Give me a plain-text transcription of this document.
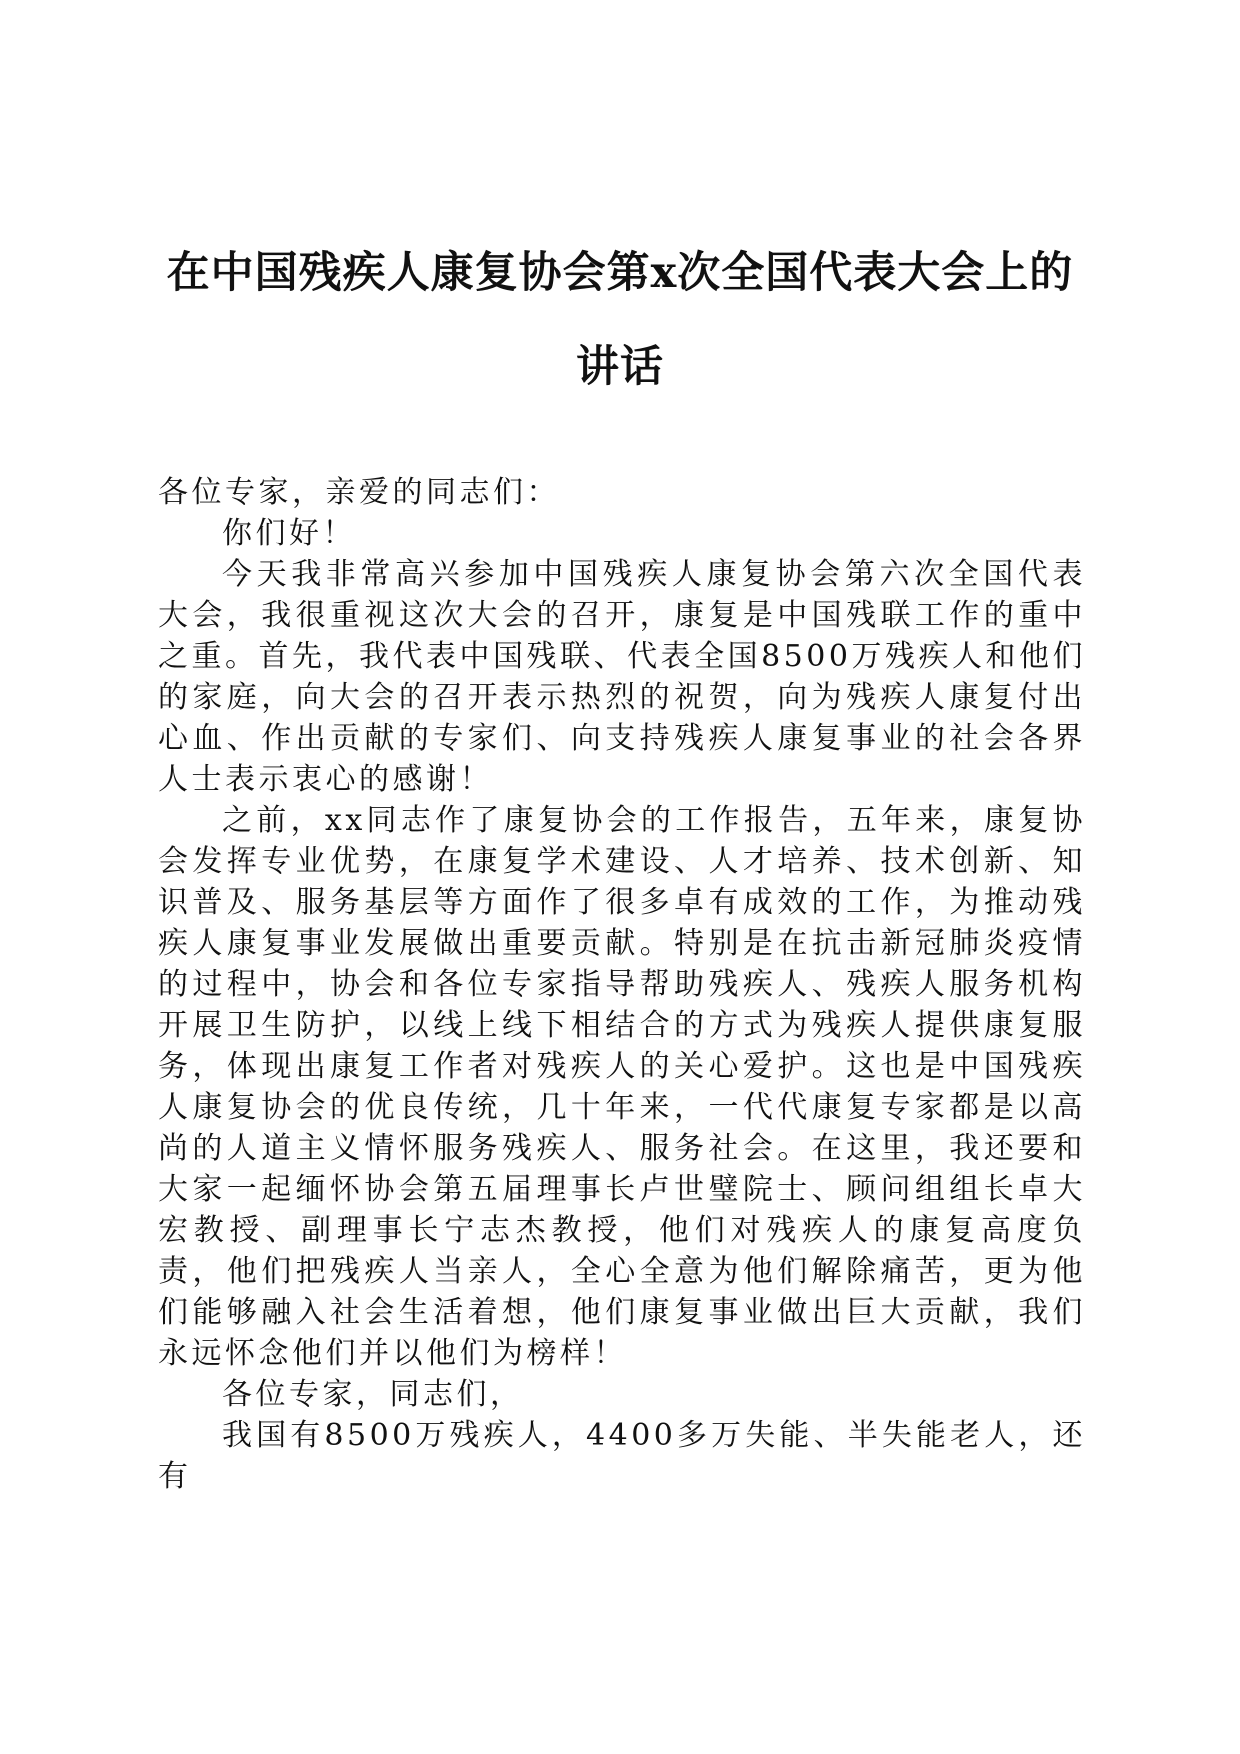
在中国残疾人康复协会第x次全国代表大会上的讲话

各位专家，亲爱的同志们：

你们好！

今天我非常高兴参加中国残疾人康复协会第六次全国代表大会，我很重视这次大会的召开，康复是中国残联工作的重中之重。首先，我代表中国残联、代表全国8500万残疾人和他们的家庭，向大会的召开表示热烈的祝贺，向为残疾人康复付出心血、作出贡献的专家们、向支持残疾人康复事业的社会各界人士表示衷心的感谢！

之前，xx同志作了康复协会的工作报告，五年来，康复协会发挥专业优势，在康复学术建设、人才培养、技术创新、知识普及、服务基层等方面作了很多卓有成效的工作，为推动残疾人康复事业发展做出重要贡献。特别是在抗击新冠肺炎疫情的过程中，协会和各位专家指导帮助残疾人、残疾人服务机构开展卫生防护，以线上线下相结合的方式为残疾人提供康复服务，体现出康复工作者对残疾人的关心爱护。这也是中国残疾人康复协会的优良传统，几十年来，一代代康复专家都是以高尚的人道主义情怀服务残疾人、服务社会。在这里，我还要和大家一起缅怀协会第五届理事长卢世璧院士、顾问组组长卓大宏教授、副理事长宁志杰教授，他们对残疾人的康复高度负责，他们把残疾人当亲人，全心全意为他们解除痛苦，更为他们能够融入社会生活着想，他们康复事业做出巨大贡献，我们永远怀念他们并以他们为榜样！

各位专家，同志们，

我国有8500万残疾人，4400多万失能、半失能老人，还有
